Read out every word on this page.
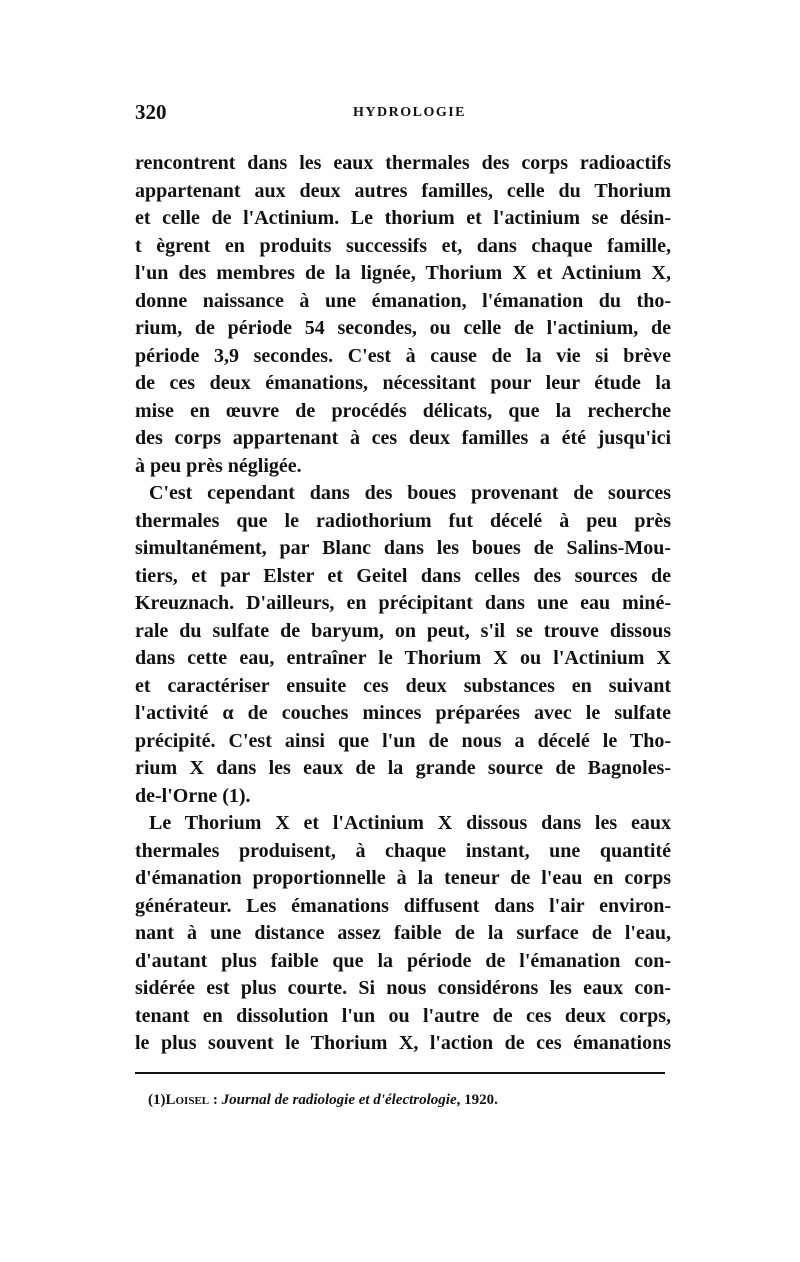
320	HYDROLOGIE
rencontrent dans les eaux thermales des corps radioactifs
appartenant aux deux autres familles, celle du Thorium
et celle de l'Actinium. Le thorium et l'actinium se désin-
t ègrent en produits successifs et, dans chaque famille,
l'un des membres de la lignée, Thorium X et Actinium X,
donne naissance à une émanation, l'émanation du tho-
rium, de période 54 secondes, ou celle de l'actinium, de
période 3,9 secondes. C'est à cause de la vie si brève
de ces deux émanations, nécessitant pour leur étude la
mise en œuvre de procédés délicats, que la recherche
des corps appartenant à ces deux familles a été jusqu'ici
à peu près négligée.
C'est cependant dans des boues provenant de sources
thermales que le radiothorium fut décelé à peu près
simultanément, par Blanc dans les boues de Salins-Mou-
tiers, et par Elster et Geitel dans celles des sources de
Kreuznach. D'ailleurs, en précipitant dans une eau miné-
rale du sulfate de baryum, on peut, s'il se trouve dissous
dans cette eau, entraîner le Thorium X ou l'Actinium X
et caractériser ensuite ces deux substances en suivant
l'activité α de couches minces préparées avec le sulfate
précipité. C'est ainsi que l'un de nous a décelé le Tho-
rium X dans les eaux de la grande source de Bagnoles-
de-l'Orne (1).
Le Thorium X et l'Actinium X dissous dans les eaux
thermales produisent, à chaque instant, une quantité
d'émanation proportionnelle à la teneur de l'eau en corps
générateur. Les émanations diffusent dans l'air environ-
nant à une distance assez faible de la surface de l'eau,
d'autant plus faible que la période de l'émanation con-
sidérée est plus courte. Si nous considérons les eaux con-
tenant en dissolution l'un ou l'autre de ces deux corps,
le plus souvent le Thorium X, l'action de ces émanations
(1)Loisel : Journal de radiologie et d'électrologie, 1920.
